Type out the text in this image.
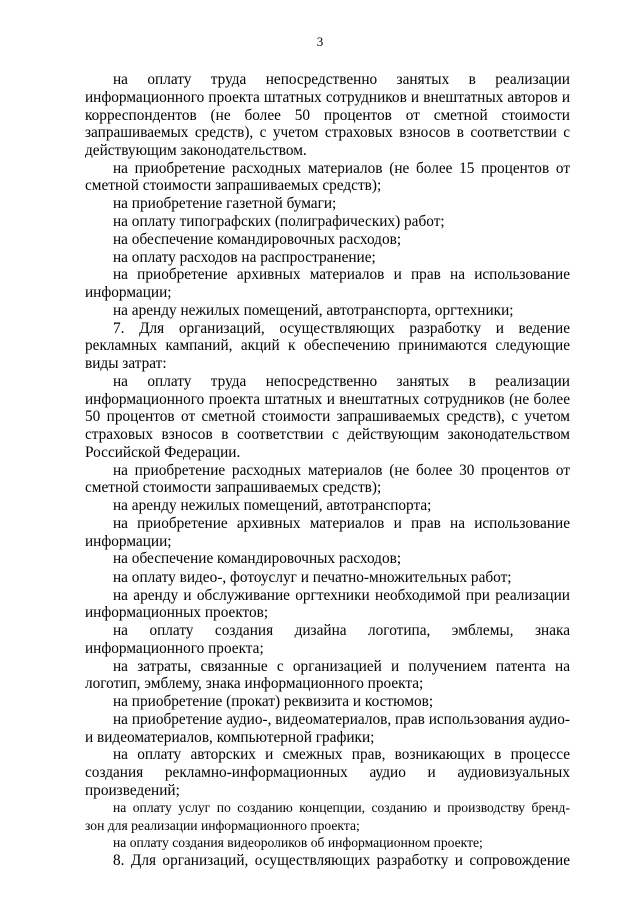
3
на оплату труда непосредственно занятых в реализации
информационного проекта штатных сотрудников и внештатных авторов и
корреспондентов (не более 50 процентов от сметной стоимости
запрашиваемых средств), с учетом страховых взносов в соответствии с
действующим законодательством.
на приобретение расходных материалов (не более 15 процентов от
сметной стоимости запрашиваемых средств);
на приобретение газетной бумаги;
на оплату типографских (полиграфических) работ;
на обеспечение командировочных расходов;
на оплату расходов на распространение;
на приобретение архивных материалов и прав на использование
информации;
на аренду нежилых помещений, автотранспорта, оргтехники;
7. Для организаций, осуществляющих разработку и ведение
рекламных кампаний, акций к обеспечению принимаются следующие
виды затрат:
на оплату труда непосредственно занятых в реализации
информационного проекта штатных и внештатных сотрудников (не более
50 процентов от сметной стоимости запрашиваемых средств), с учетом
страховых взносов в соответствии с действующим законодательством
Российской Федерации.
на приобретение расходных материалов (не более 30 процентов от
сметной стоимости запрашиваемых средств);
на аренду нежилых помещений, автотранспорта;
на приобретение архивных материалов и прав на использование
информации;
на обеспечение командировочных расходов;
на оплату видео-, фотоуслуг и печатно-множительных работ;
на аренду и обслуживание оргтехники необходимой при реализации
информационных проектов;
на оплату создания дизайна логотипа, эмблемы, знака
информационного проекта;
на затраты, связанные с организацией и получением патента на
логотип, эмблему, знака информационного проекта;
на приобретение (прокат) реквизита и костюмов;
на приобретение аудио-, видеоматериалов, прав использования аудио-
и видеоматериалов, компьютерной графики;
на оплату авторских и смежных прав, возникающих в процессе
создания рекламно-информационных аудио и аудиовизуальных
произведений;
на оплату услуг по созданию концепции, созданию и производству бренд-
зон для реализации информационного проекта;
на оплату создания видеороликов об информационном проекте;
8. Для организаций, осуществляющих разработку и сопровождение
